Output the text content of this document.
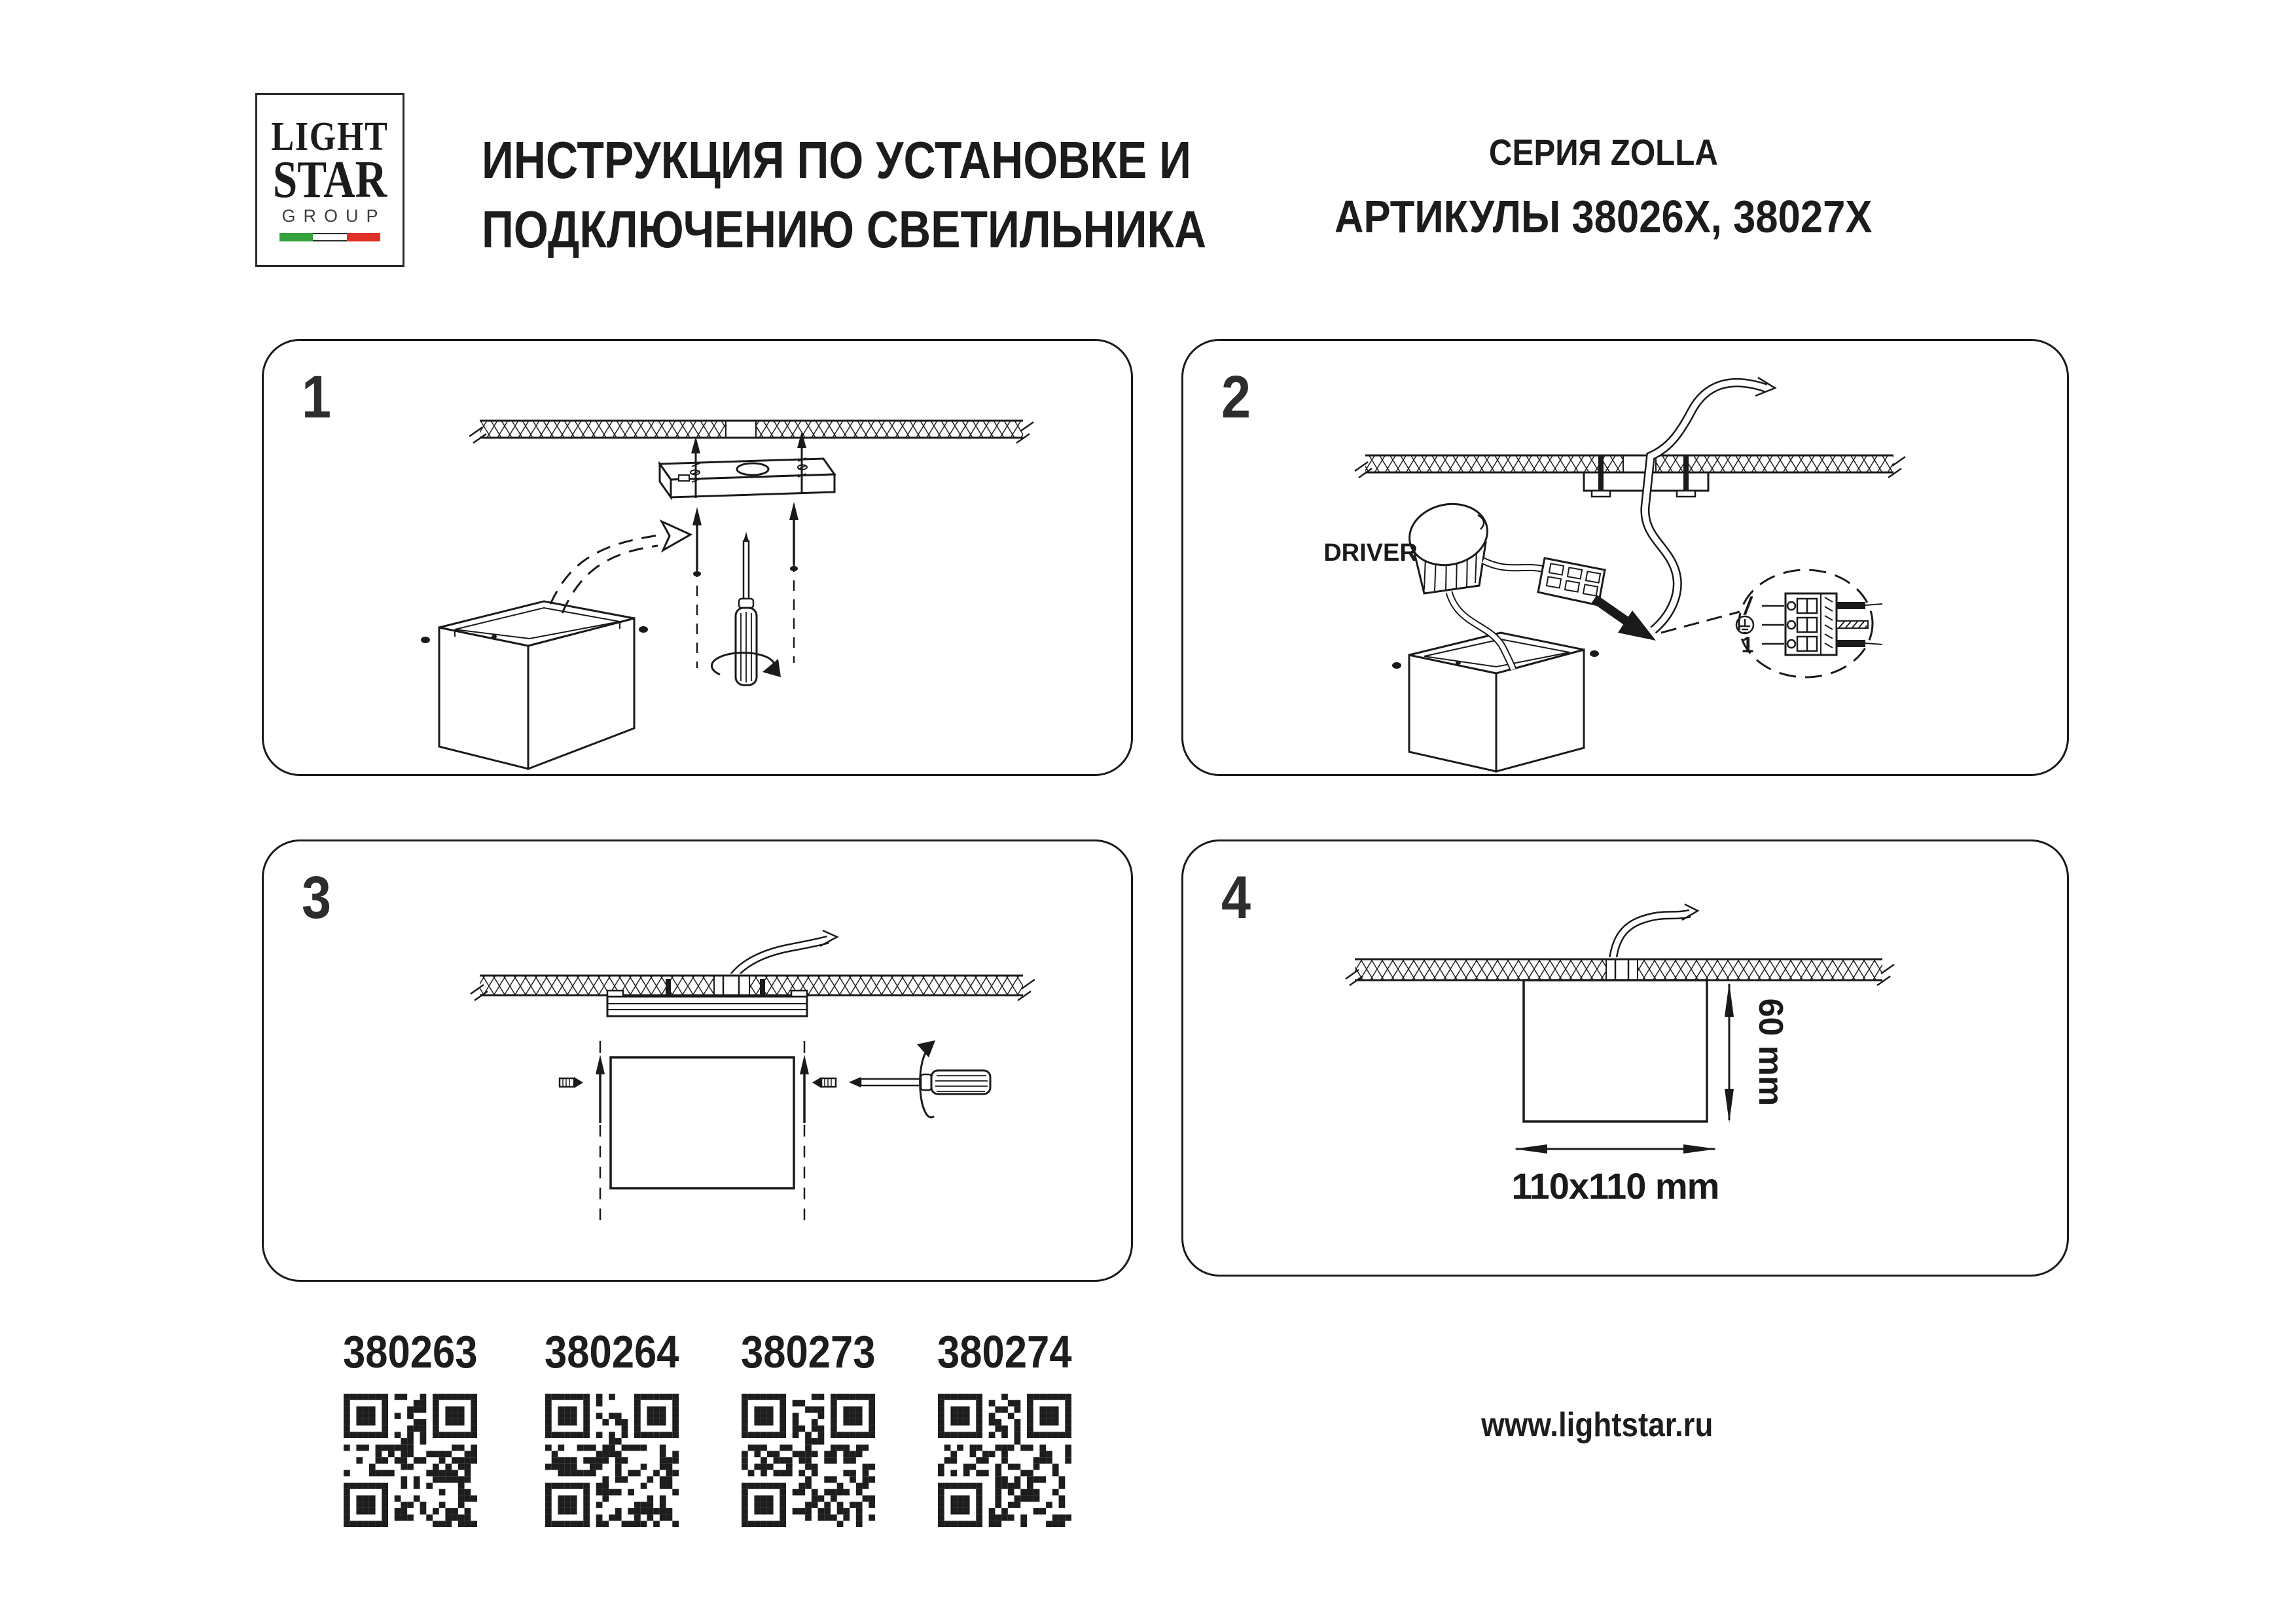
LIGHT
STAR
GROUP
ИНСТРУКЦИЯ ПО УСТАНОВКЕ И
ПОДКЛЮЧЕНИЮ СВЕТИЛЬНИКА
СЕРИЯ ZOLLA
АРТИКУЛЫ 38026X, 38027X
1	2
DRIVER
/
1
3	4
60 mm
110x110 mm
380263 380264 380273 380274
www.lightstar.ru
